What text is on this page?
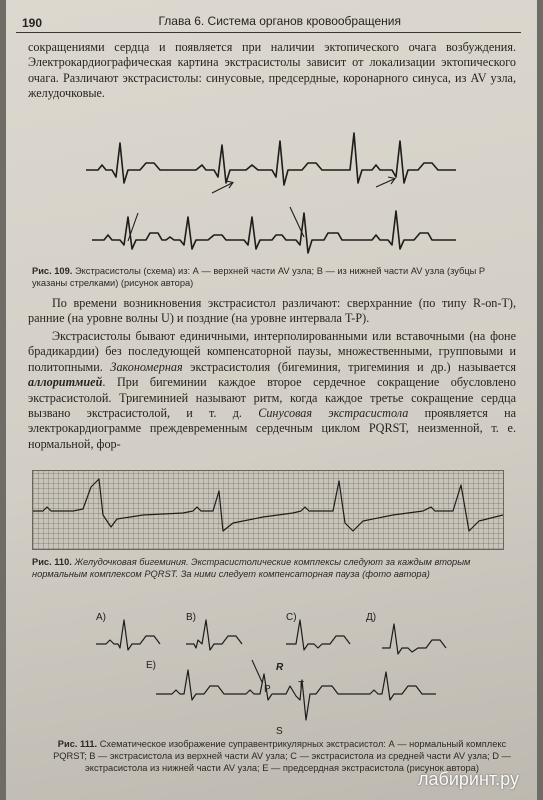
190	Глава 6. Система органов кровообращения

сокращениями сердца и появляется при наличии эктопического очага возбуждения. Электрокардиографическая картина экстрасистолы зависит от локализации эктопического очага. Различают экстрасистолы: синусовые, предсердные, коронарного синуса, из AV узла, желудочковые.

Рис. 109. Экстрасистолы (схема) из: А — верхней части AV узла; В — из нижней части AV узла (зубцы Р указаны стрелками) (рисунок автора)

По времени возникновения экстрасистол различают: сверхранние (по типу R-on-T), ранние (на уровне волны U) и поздние (на уровне интервала T-P).

Экстрасистолы бывают единичными, интерполированными или вставочными (на фоне брадикардии) без последующей компенсаторной паузы, множественными, групповыми и политопными. Закономерная экстрасистолия (бигеминия, тригеминия и др.) называется аллоритмией. При бигеминии каждое второе сердечное сокращение обусловлено экстрасистолой. Тригеминией называют ритм, когда каждое третье сокращение сердца вызвано экстрасистолой, и т. д. Синусовая экстрасистола проявляется на электрокардиограмме преждевременным сердечным циклом PQRST, неизменной, т. е. нормальной, фор-

Рис. 110. Желудочковая бигеминия. Экстрасистолические комплексы следуют за каждым вторым нормальным комплексом PQRST. За ними следует компенсаторная пауза (фото автора)

A)	B)	C)	Д)
E)	R
P	T
S

Рис. 111. Схематическое изображение суправентрикулярных экстрасистол: А — нормальный комплекс PQRST; В — экстрасистола из верхней части AV узла; С — экстрасистола из средней части AV узла; D — экстрасистола из нижней части AV узла; Е — предсердная экстрасистола (рисунок автора)

лабиринт.ру
